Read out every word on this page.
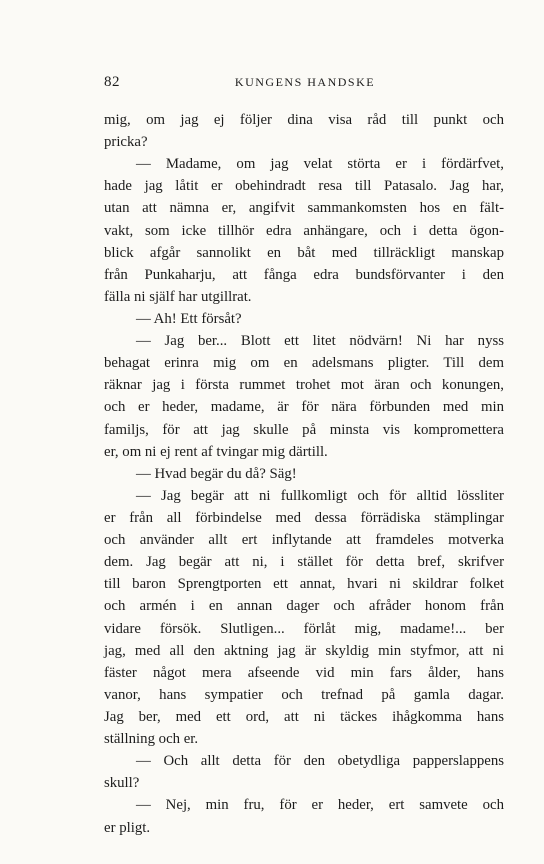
82	KUNGENS HANDSKE
mig, om jag ej följer dina visa råd till punkt och
pricka?
— Madame, om jag velat störta er i fördärfvet,
hade jag låtit er obehindradt resa till Patasalo. Jag har,
utan att nämna er, angifvit sammankomsten hos en fält-
vakt, som icke tillhör edra anhängare, och i detta ögon-
blick afgår sannolikt en båt med tillräckligt manskap
från Punkaharju, att fånga edra bundsförvanter i den
fälla ni själf har utgillrat.
— Ah! Ett försåt?
— Jag ber... Blott ett litet nödvärn! Ni har nyss
behagat erinra mig om en adelsmans pligter. Till dem
räknar jag i första rummet trohet mot äran och konungen,
och er heder, madame, är för nära förbunden med min
familjs, för att jag skulle på minsta vis kompromettera
er, om ni ej rent af tvingar mig därtill.
— Hvad begär du då? Säg!
— Jag begär att ni fullkomligt och för alltid lössliter
er från all förbindelse med dessa förrädiska stämplingar
och använder allt ert inflytande att framdeles motverka
dem. Jag begär att ni, i stället för detta bref, skrifver
till baron Sprengtporten ett annat, hvari ni skildrar folket
och armén i en annan dager och afråder honom från
vidare försök. Slutligen... förlåt mig, madame!... ber
jag, med all den aktning jag är skyldig min styfmor, att ni
fäster något mera afseende vid min fars ålder, hans
vanor, hans sympatier och trefnad på gamla dagar.
Jag ber, med ett ord, att ni täckes ihågkomma hans
ställning och er.
— Och allt detta för den obetydliga papperslappens
skull?
— Nej, min fru, för er heder, ert samvete och
er pligt.
